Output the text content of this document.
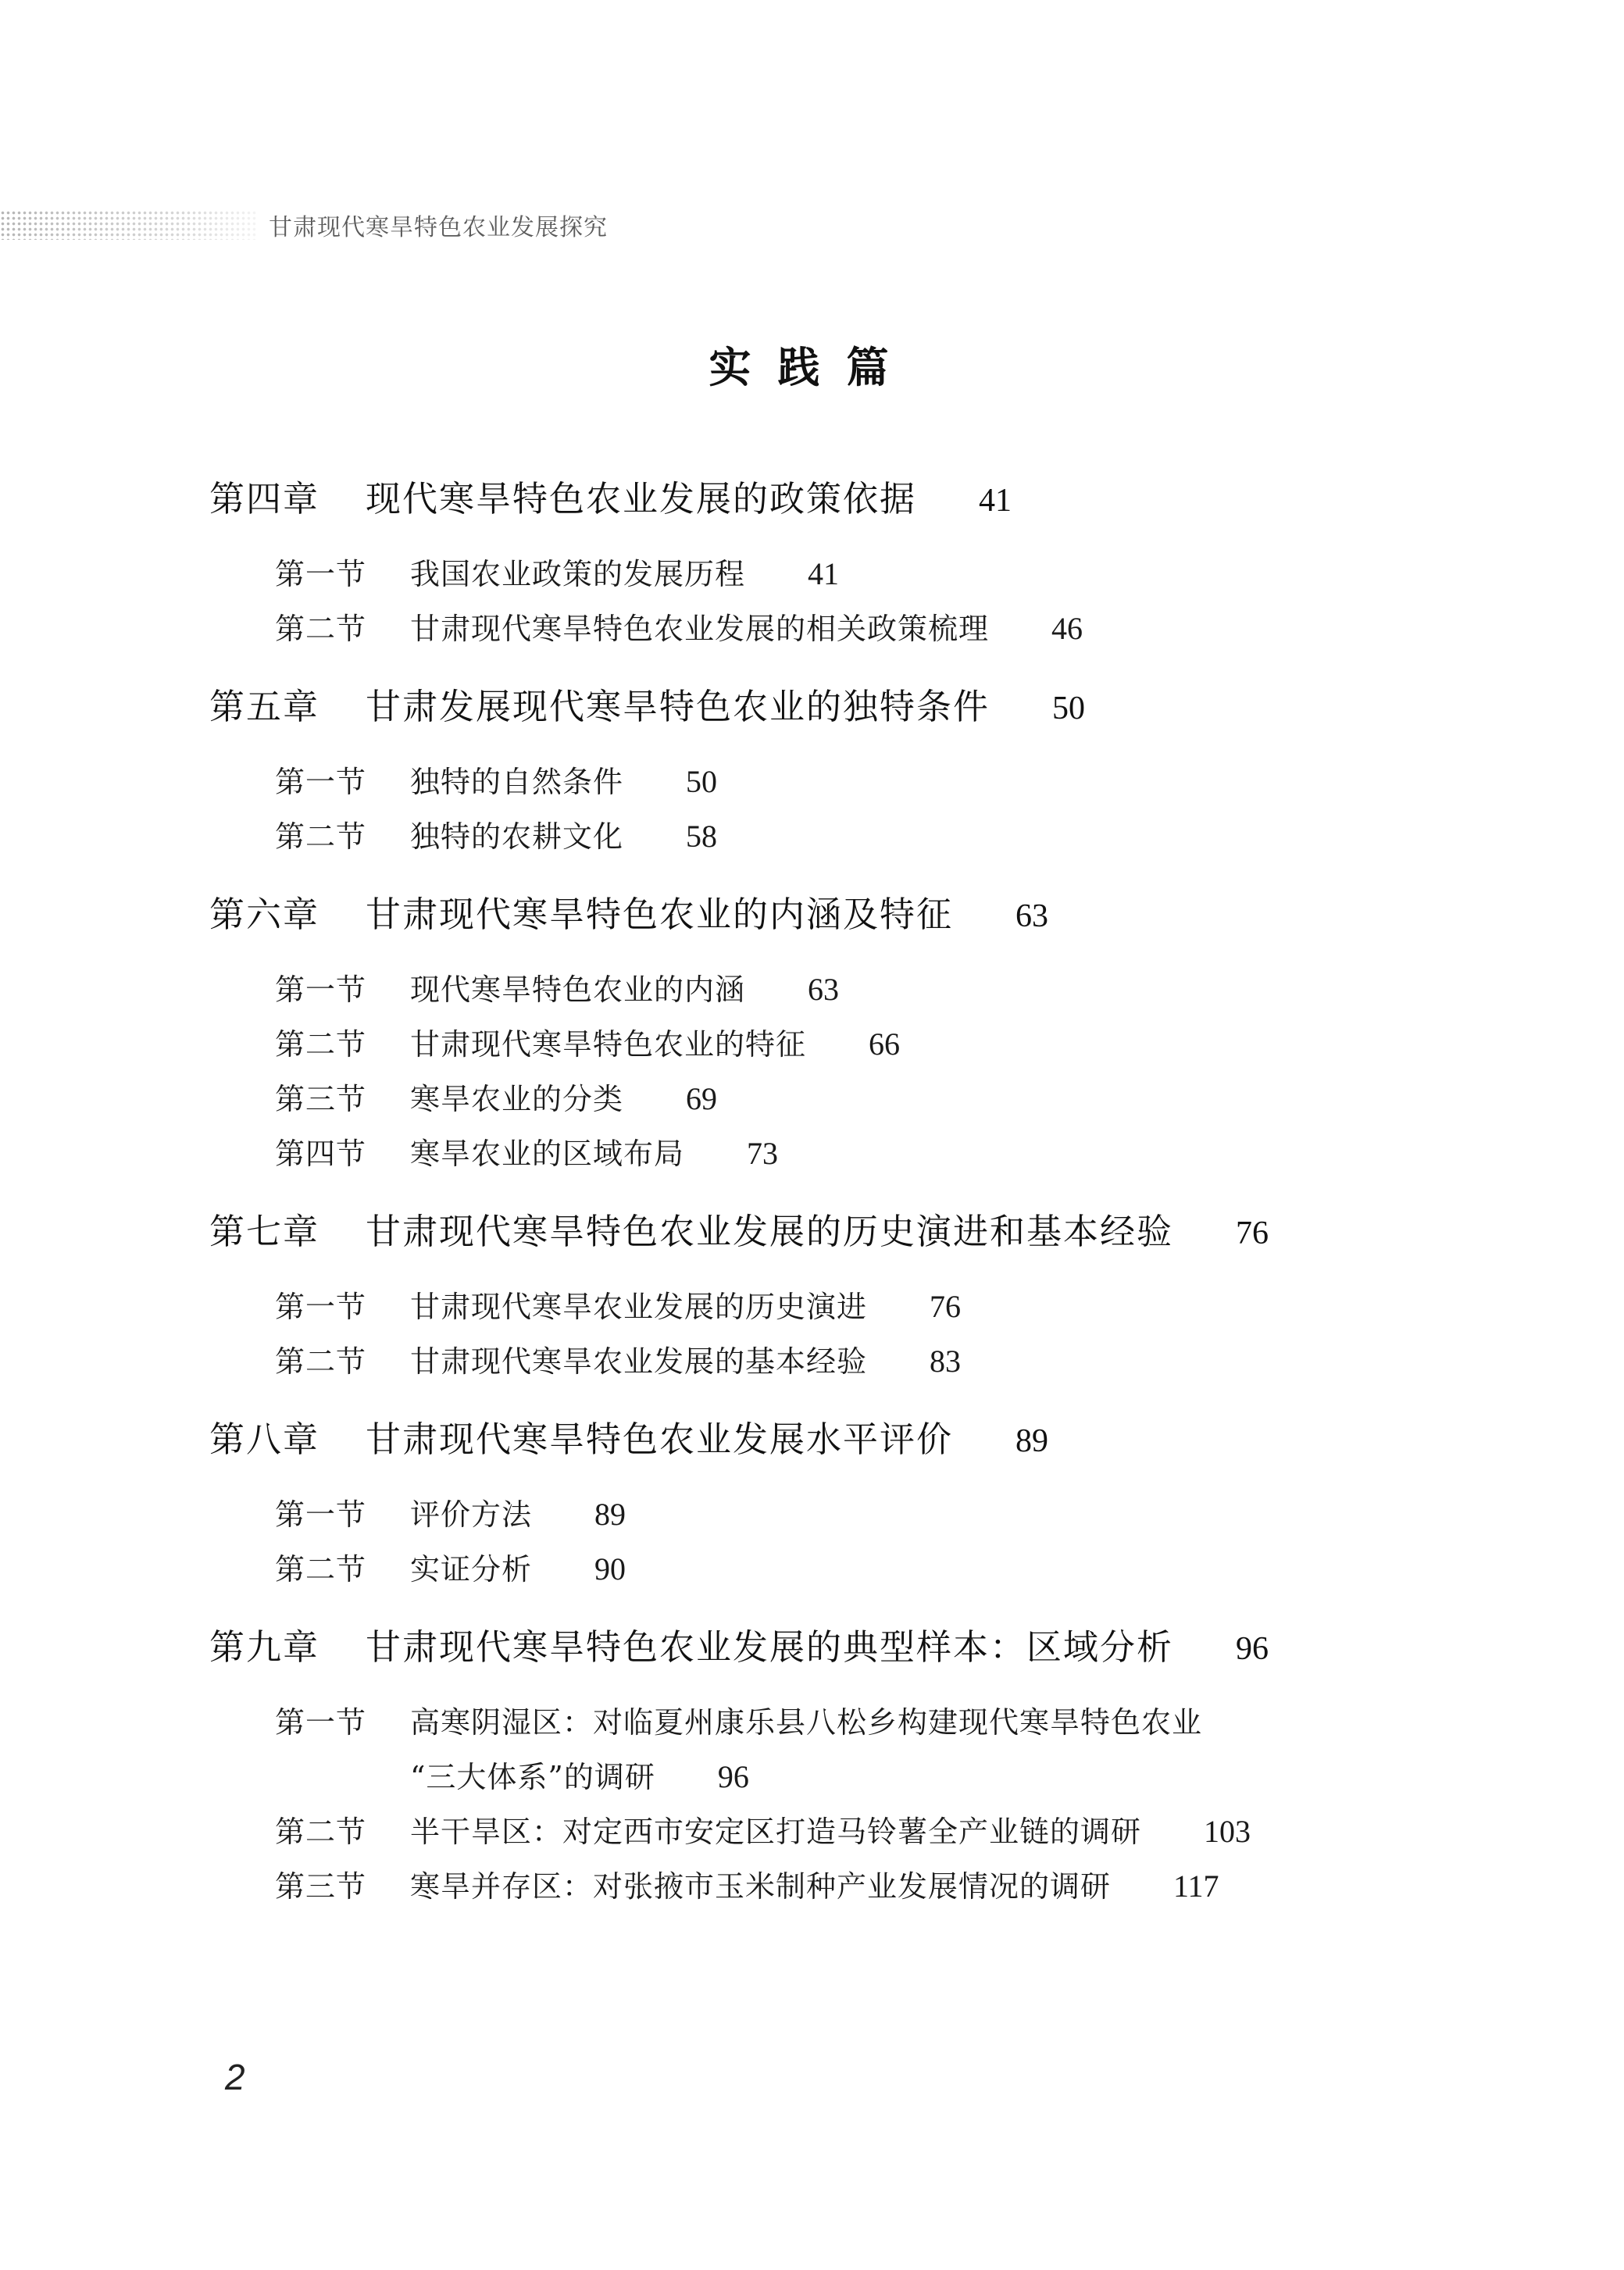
甘肃现代寒旱特色农业发展探究
实践篇
第四章	现代寒旱特色农业发展的政策依据 41
第一节	我国农业政策的发展历程 41
第二节	甘肃现代寒旱特色农业发展的相关政策梳理 46
第五章	甘肃发展现代寒旱特色农业的独特条件 50
第一节	独特的自然条件 50
第二节	独特的农耕文化 58
第六章	甘肃现代寒旱特色农业的内涵及特征 63
第一节	现代寒旱特色农业的内涵 63
第二节	甘肃现代寒旱特色农业的特征 66
第三节	寒旱农业的分类 69
第四节	寒旱农业的区域布局 73
第七章	甘肃现代寒旱特色农业发展的历史演进和基本经验 76
第一节	甘肃现代寒旱农业发展的历史演进 76
第二节	甘肃现代寒旱农业发展的基本经验 83
第八章	甘肃现代寒旱特色农业发展水平评价 89
第一节	评价方法 89
第二节	实证分析 90
第九章	甘肃现代寒旱特色农业发展的典型样本：区域分析 96
第一节	高寒阴湿区：对临夏州康乐县八松乡构建现代寒旱特色农业
“三大体系”的调研 96
第二节	半干旱区：对定西市安定区打造马铃薯全产业链的调研 103
第三节	寒旱并存区：对张掖市玉米制种产业发展情况的调研 117
2
